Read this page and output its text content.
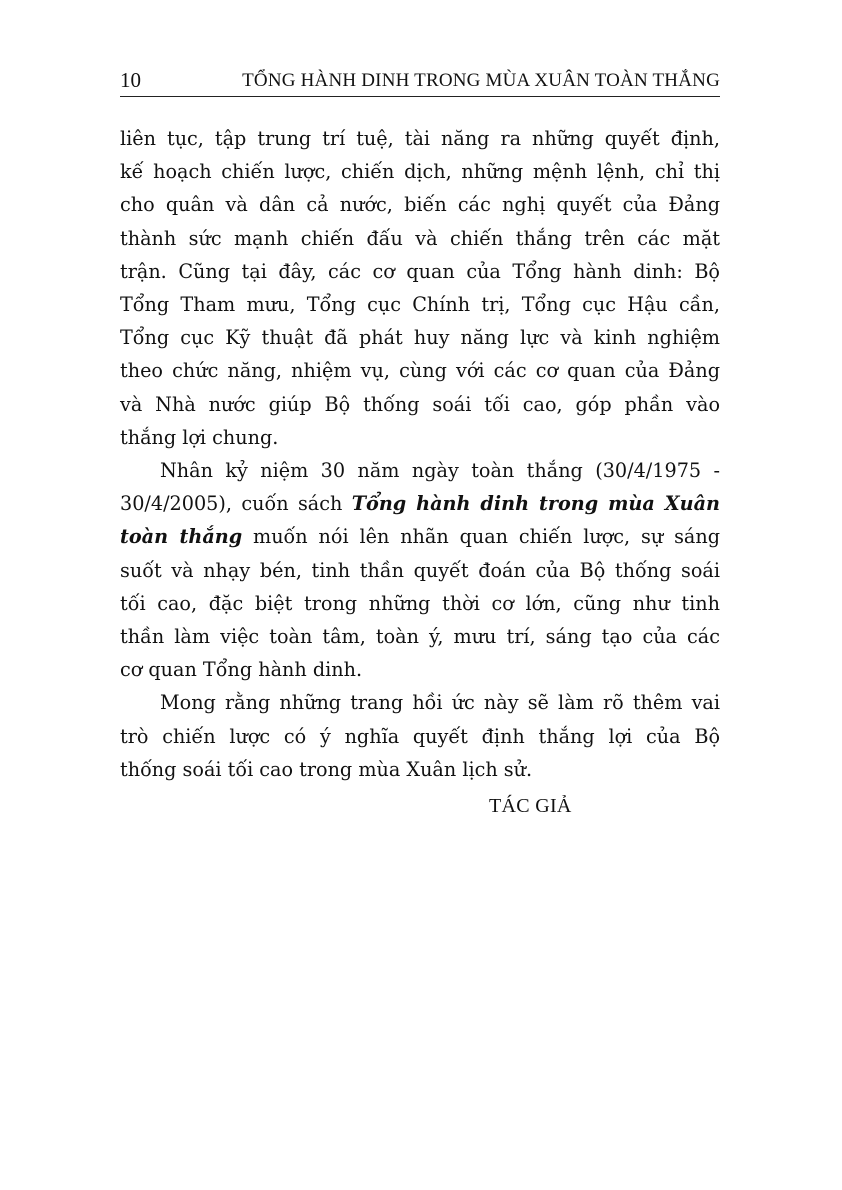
10	TỔNG HÀNH DINH TRONG MÙA XUÂN TOÀN THẮNG

liên tục, tập trung trí tuệ, tài năng ra những quyết định,
kế hoạch chiến lược, chiến dịch, những mệnh lệnh, chỉ thị
cho quân và dân cả nước, biến các nghị quyết của Đảng
thành sức mạnh chiến đấu và chiến thắng trên các mặt
trận. Cũng tại đây, các cơ quan của Tổng hành dinh: Bộ
Tổng Tham mưu, Tổng cục Chính trị, Tổng cục Hậu cần,
Tổng cục Kỹ thuật đã phát huy năng lực và kinh nghiệm
theo chức năng, nhiệm vụ, cùng với các cơ quan của Đảng
và Nhà nước giúp Bộ thống soái tối cao, góp phần vào
thắng lợi chung.

Nhân kỷ niệm 30 năm ngày toàn thắng (30/4/1975 -
30/4/2005), cuốn sách Tổng hành dinh trong mùa Xuân
toàn thắng muốn nói lên nhãn quan chiến lược, sự sáng
suốt và nhạy bén, tinh thần quyết đoán của Bộ thống soái
tối cao, đặc biệt trong những thời cơ lớn, cũng như tinh
thần làm việc toàn tâm, toàn ý, mưu trí, sáng tạo của các
cơ quan Tổng hành dinh.

Mong rằng những trang hồi ức này sẽ làm rõ thêm vai
trò chiến lược có ý nghĩa quyết định thắng lợi của Bộ
thống soái tối cao trong mùa Xuân lịch sử.

TÁC GIẢ
